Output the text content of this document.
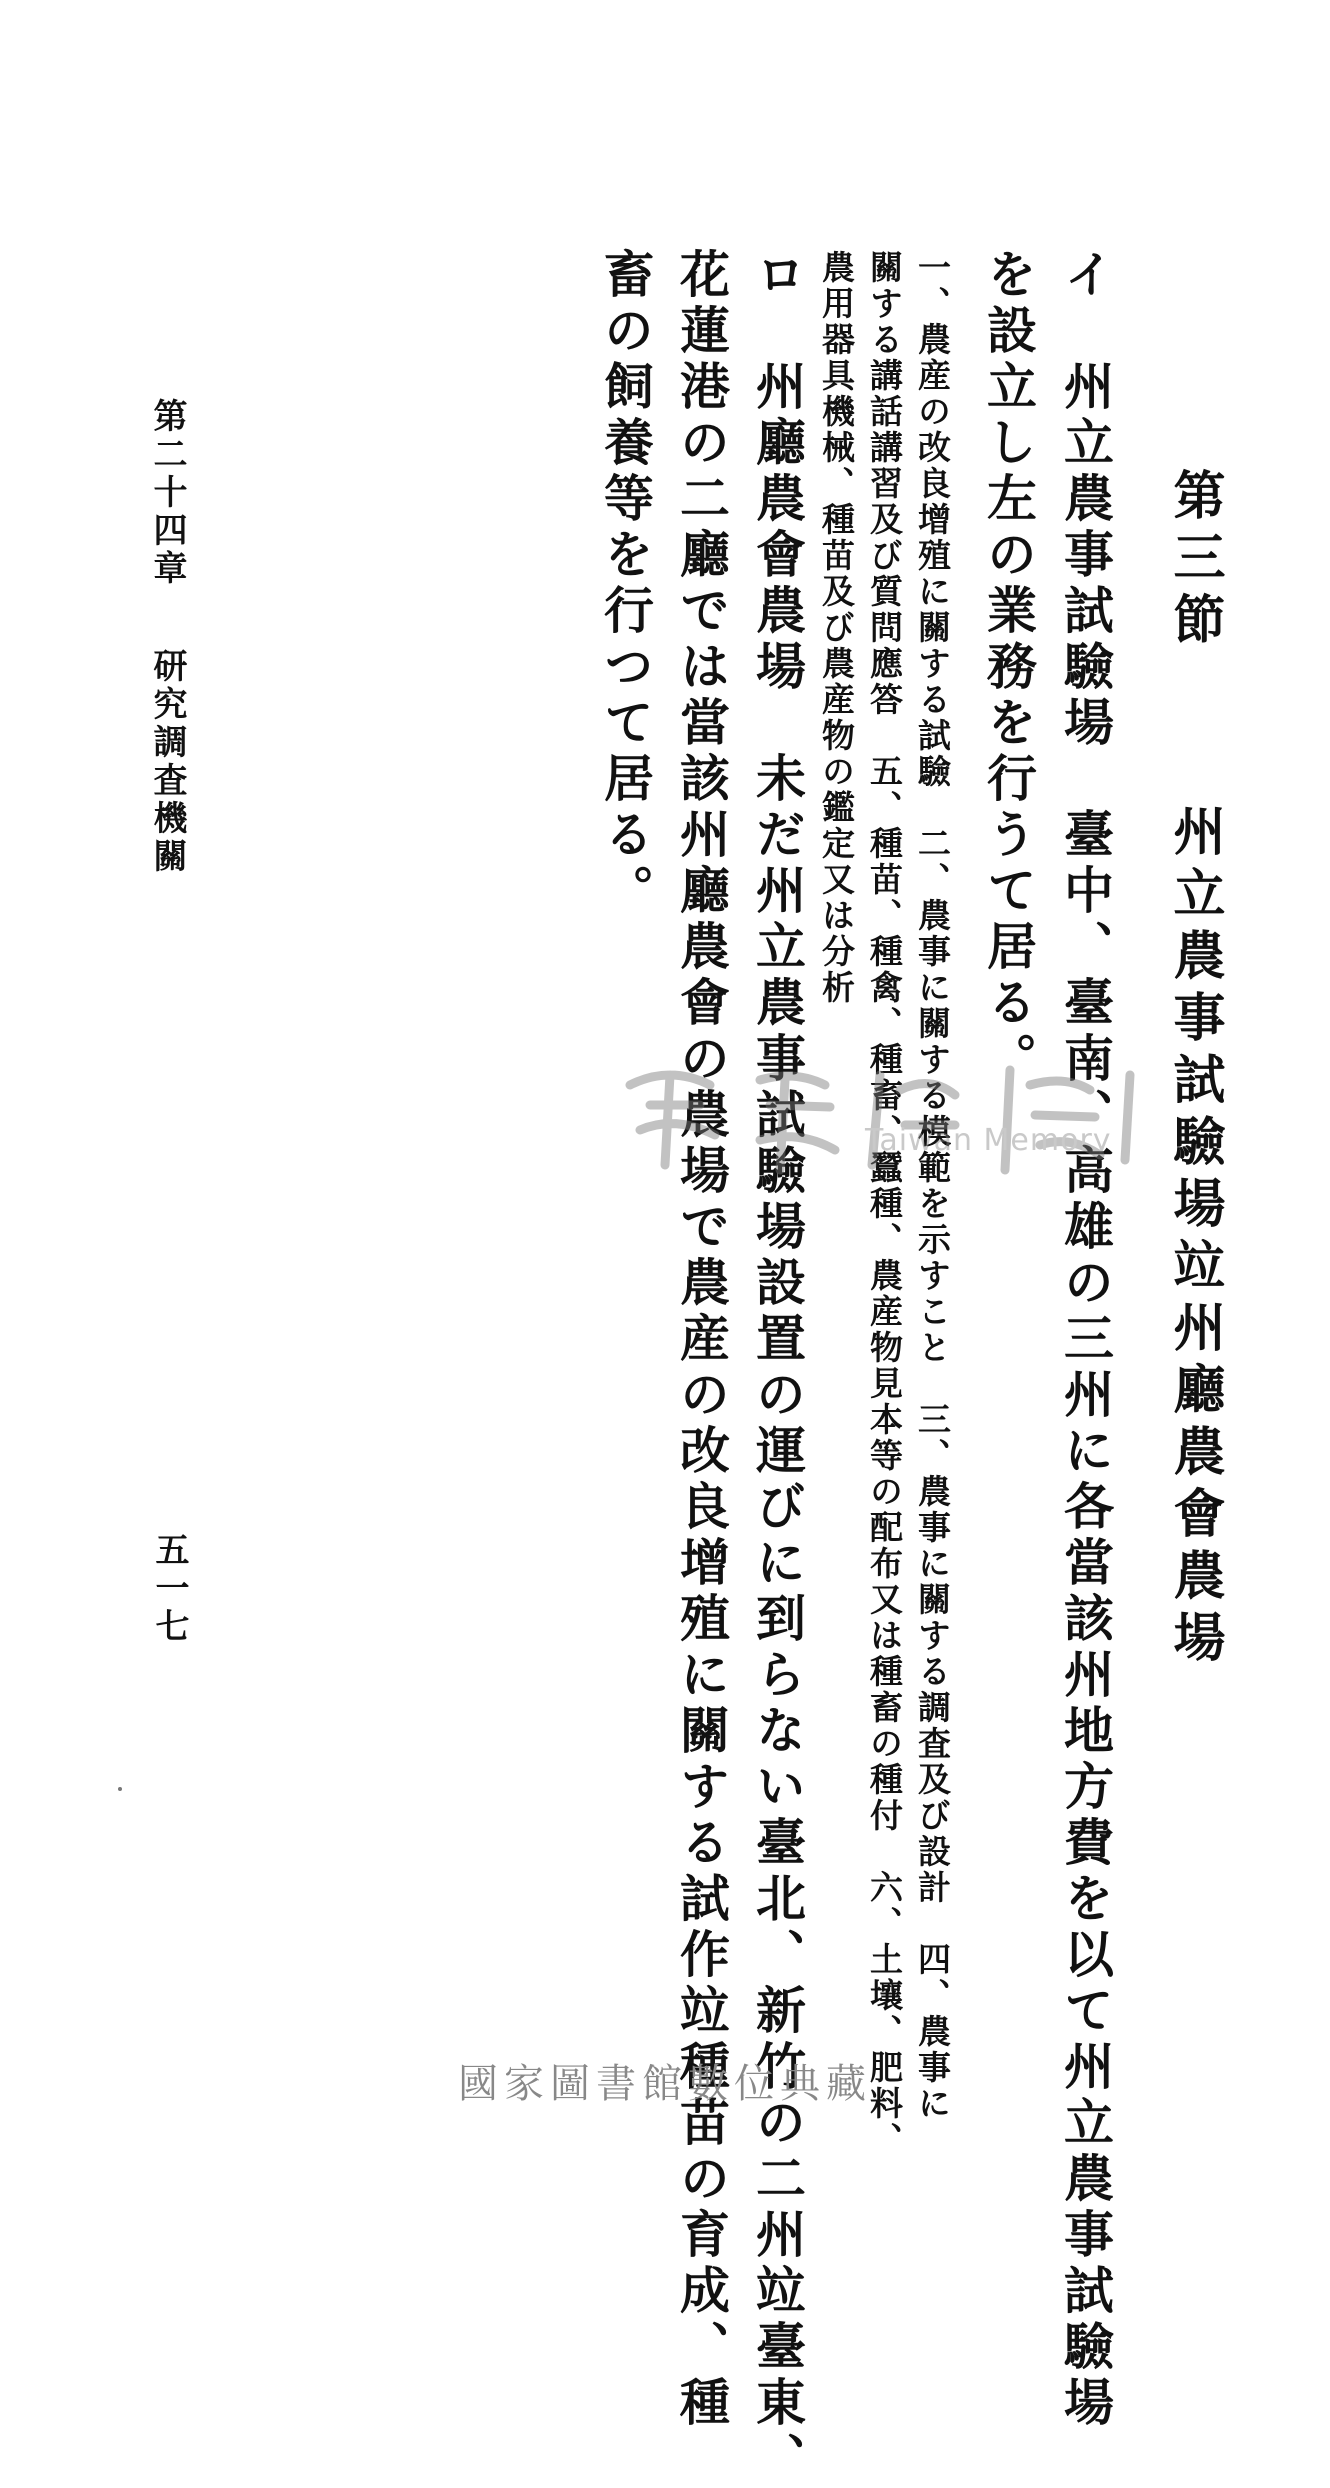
第三節州立農事試驗場竝州廳農會農場
イ　州立農事試驗場　臺中、臺南、高雄の三州に各當該州地方費を以て州立農事試驗場
を設立し左の業務を行うて居る。
一、農産の改良增殖に關する試驗　二、農事に關する模範を示すこと　三、農事に關する調査及び設計　四、農事に
關する講話講習及び質問應答　五、種苗、種禽、種畜、蠶種、農産物見本等の配布又は種畜の種付　六、土壤、肥料、
農用器具機械、種苗及び農産物の鑑定又は分析
ロ　州廳農會農場　未だ州立農事試驗場設置の運びに到らない臺北、新竹の二州竝臺東、
花蓮港の二廳では當該州廳農會の農場で農産の改良增殖に關する試作竝種苗の育成、種
畜の飼養等を行つて居る。
第二十四章研究調査機關
五一七
Taiwan Memory
國家圖書館數位典藏
